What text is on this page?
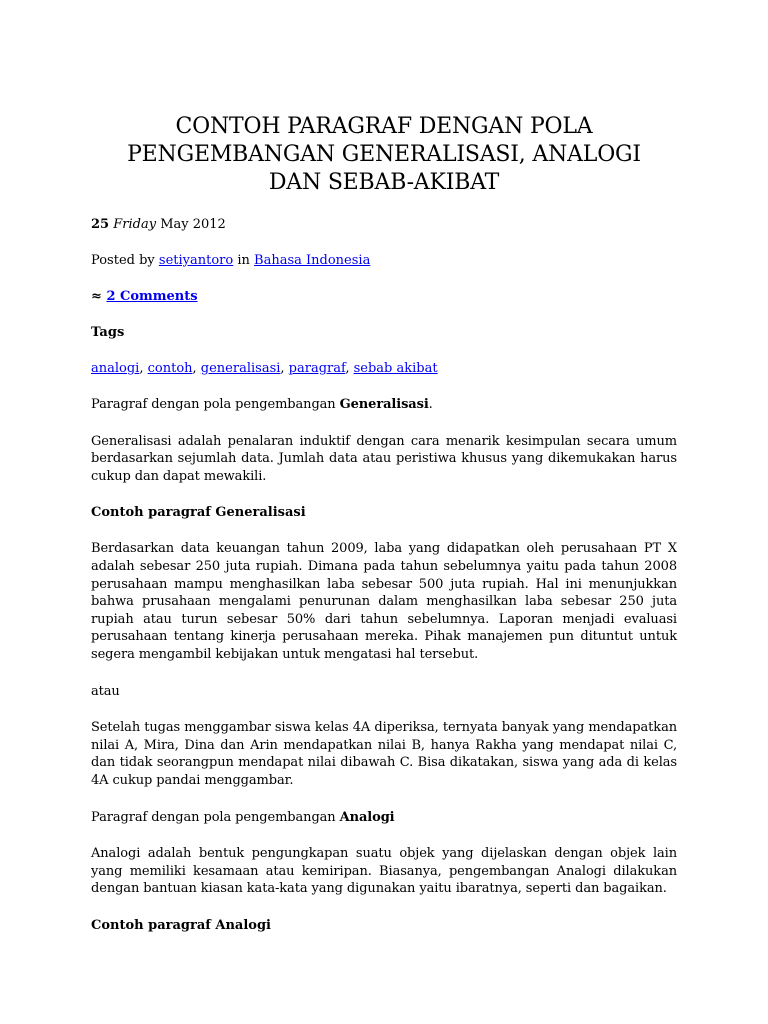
CONTOH PARAGRAF DENGAN POLA
PENGEMBANGAN GENERALISASI, ANALOGI
DAN SEBAB-AKIBAT

25 Friday May 2012

Posted by setiyantoro in Bahasa Indonesia

≈ 2 Comments

Tags

analogi, contoh, generalisasi, paragraf, sebab akibat

Paragraf dengan pola pengembangan Generalisasi.

Generalisasi adalah penalaran induktif dengan cara menarik kesimpulan secara umum berdasarkan sejumlah data. Jumlah data atau peristiwa khusus yang dikemukakan harus cukup dan dapat mewakili.

Contoh paragraf Generalisasi

Berdasarkan data keuangan tahun 2009, laba yang didapatkan oleh perusahaan PT X adalah sebesar 250 juta rupiah. Dimana pada tahun sebelumnya yaitu pada tahun 2008 perusahaan mampu menghasilkan laba sebesar 500 juta rupiah. Hal ini menunjukkan bahwa prusahaan mengalami penurunan dalam menghasilkan laba sebesar 250 juta rupiah atau turun sebesar 50% dari tahun sebelumnya. Laporan menjadi evaluasi perusahaan tentang kinerja perusahaan mereka. Pihak manajemen pun dituntut untuk segera mengambil kebijakan untuk mengatasi hal tersebut.

atau

Setelah tugas menggambar siswa kelas 4A diperiksa, ternyata banyak yang mendapatkan nilai A, Mira, Dina dan Arin mendapatkan nilai B, hanya Rakha yang mendapat nilai C, dan tidak seorangpun mendapat nilai dibawah C. Bisa dikatakan, siswa yang ada di kelas 4A cukup pandai menggambar.

Paragraf dengan pola pengembangan Analogi

Analogi adalah bentuk pengungkapan suatu objek yang dijelaskan dengan objek lain yang memiliki kesamaan atau kemiripan. Biasanya, pengembangan Analogi dilakukan dengan bantuan kiasan kata-kata yang digunakan yaitu ibaratnya, seperti dan bagaikan.

Contoh paragraf Analogi
